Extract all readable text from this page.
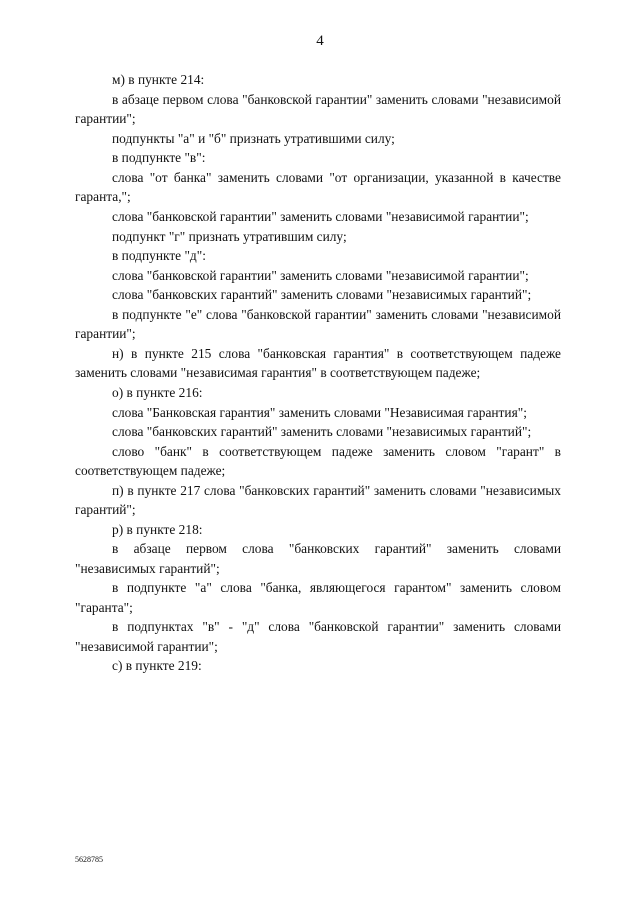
4

м) в пункте 214:

в абзаце первом слова "банковской гарантии" заменить словами "независимой гарантии";

подпункты "а" и "б" признать утратившими силу;

в подпункте "в":

слова "от банка" заменить словами "от организации, указанной в качестве гаранта,";

слова "банковской гарантии" заменить словами "независимой гарантии";

подпункт "г" признать утратившим силу;

в подпункте "д":

слова "банковской гарантии" заменить словами "независимой гарантии";

слова "банковских гарантий" заменить словами "независимых гарантий";

в подпункте "е" слова "банковской гарантии" заменить словами "независимой гарантии";

н) в пункте 215 слова "банковская гарантия" в соответствующем падеже заменить словами "независимая гарантия" в соответствующем падеже;

о) в пункте 216:

слова "Банковская гарантия" заменить словами "Независимая гарантия";

слова "банковских гарантий" заменить словами "независимых гарантий";

слово "банк" в соответствующем падеже заменить словом "гарант" в соответствующем падеже;

п) в пункте 217 слова "банковских гарантий" заменить словами "независимых гарантий";

р) в пункте 218:

в абзаце первом слова "банковских гарантий" заменить словами "независимых гарантий";

в подпункте "а" слова "банка, являющегося гарантом" заменить словом "гаранта";

в подпунктах "в" - "д" слова "банковской гарантии" заменить словами "независимой гарантии";

с) в пункте 219:

5628785
